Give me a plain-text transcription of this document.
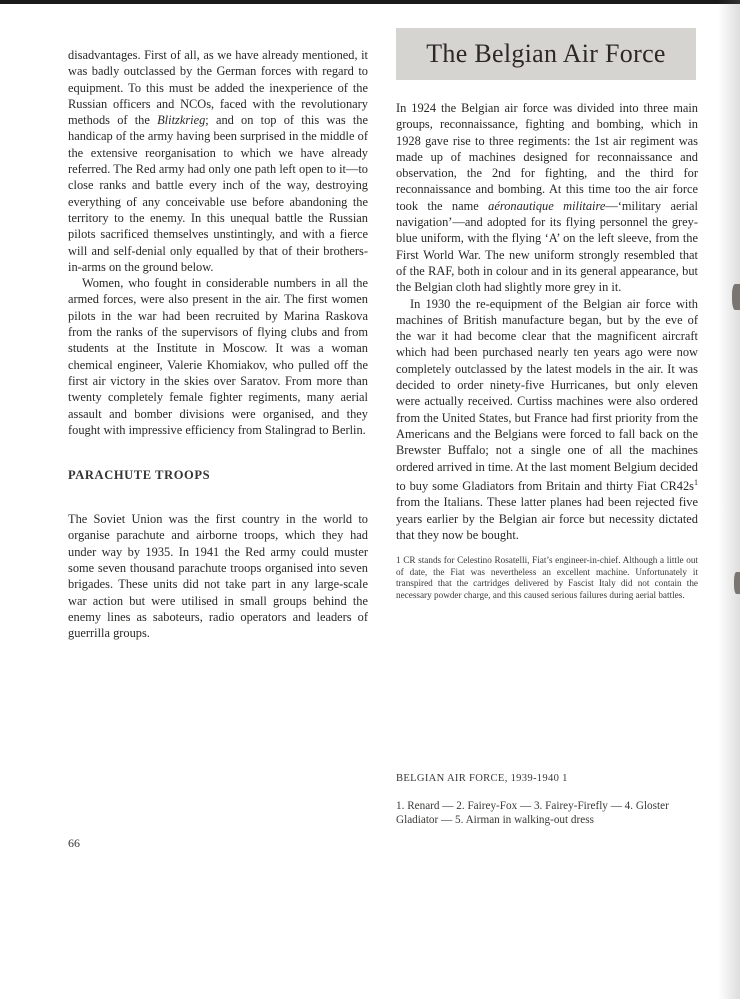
disadvantages. First of all, as we have already mentioned, it was badly outclassed by the German forces with regard to equipment. To this must be added the inexperience of the Russian officers and NCOs, faced with the revolutionary methods of the Blitzkrieg; and on top of this was the handicap of the army having been surprised in the middle of the extensive reorganisation to which we have already referred. The Red army had only one path left open to it—to close ranks and battle every inch of the way, destroying everything of any conceivable use before abandoning the territory to the enemy. In this unequal battle the Russian pilots sacrificed themselves unstintingly, and with a fierce will and self-denial only equalled by that of their brothers-in-arms on the ground below.

Women, who fought in considerable numbers in all the armed forces, were also present in the air. The first women pilots in the war had been recruited by Marina Raskova from the ranks of the supervisors of flying clubs and from students at the Institute in Moscow. It was a woman chemical engineer, Valerie Khomiakov, who pulled off the first air victory in the skies over Saratov. From more than twenty completely female fighter regiments, many aerial assault and bomber divisions were organised, and they fought with impressive efficiency from Stalingrad to Berlin.

PARACHUTE TROOPS

The Soviet Union was the first country in the world to organise parachute and airborne troops, which they had under way by 1935. In 1941 the Red army could muster some seven thousand parachute troops organised into seven brigades. These units did not take part in any large-scale war action but were utilised in small groups behind the enemy lines as saboteurs, radio operators and leaders of guerrilla groups.

The Belgian Air Force

In 1924 the Belgian air force was divided into three main groups, reconnaissance, fighting and bombing, which in 1928 gave rise to three regiments: the 1st air regiment was made up of machines designed for reconnaissance and observation, the 2nd for fighting, and the third for reconnaissance and bombing. At this time too the air force took the name aéronautique militaire—‘military aerial navigation’—and adopted for its flying personnel the grey-blue uniform, with the flying ‘A’ on the left sleeve, from the First World War. The new uniform strongly resembled that of the RAF, both in colour and in its general appearance, but the Belgian cloth had slightly more grey in it.

In 1930 the re-equipment of the Belgian air force with machines of British manufacture began, but by the eve of the war it had become clear that the magnificent aircraft which had been purchased nearly ten years ago were now completely outclassed by the latest models in the air. It was decided to order ninety-five Hurricanes, but only eleven were actually received. Curtiss machines were also ordered from the United States, but France had first priority from the Americans and the Belgians were forced to fall back on the Brewster Buffalo; not a single one of all the machines ordered arrived in time. At the last moment Belgium decided to buy some Gladiators from Britain and thirty Fiat $CR42s^1$ from the Italians. These latter planes had been rejected five years earlier by the Belgian air force but necessity dictated that they now be bought.

1 CR stands for Celestino Rosatelli, Fiat’s engineer-in-chief. Although a little out of date, the Fiat was nevertheless an excellent machine. Unfortunately it transpired that the cartridges delivered by Fascist Italy did not contain the necessary powder charge, and this caused serious failures during aerial battles.

BELGIAN AIR FORCE, 1939-1940 1
1. Renard — 2. Fairey-Fox — 3. Fairey-Firefly — 4. Gloster Gladiator — 5. Airman in walking-out dress
66
